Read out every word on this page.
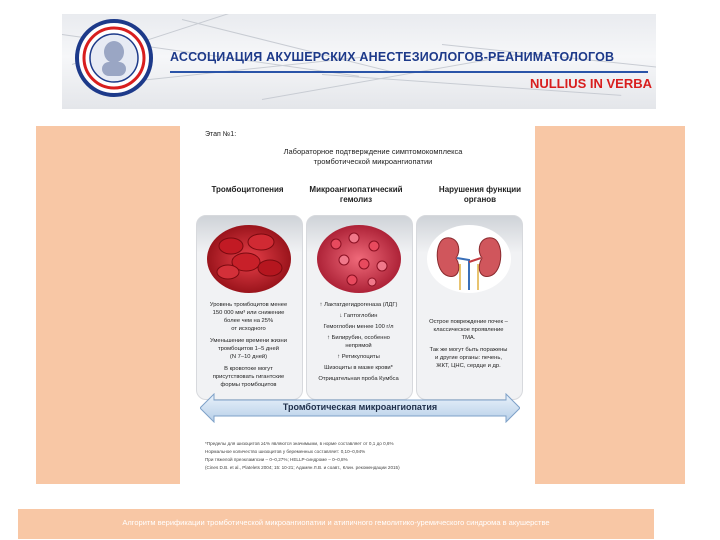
АССОЦИАЦИЯ АКУШЕРСКИХ АНЕСТЕЗИОЛОГОВ-РЕАНИМАТОЛОГОВ
NULLIUS IN VERBA
Этап №1:
Лабораторное подтверждение симптомокомплекса
тромботической микроангиопатии
Тромбоцитопения	Микроангиопатический гемолиз
Нарушения функции органов
Уровень тромбоцитов менее
150 000 мм³ или снижение
более чем на 25%
от исходного
Уменьшение времени жизни
тромбоцитов 1–5 дней
(N 7–10 дней)
В кровотоке могут
присутствовать гигантские
формы тромбоцитов
↑ Лактатдегидрогеназа (ЛДГ)
↓ Гаптоглобин
Гемоглобин менее 100 г/л
↑ Билирубин, особенно
непрямой
↑ Ретикулоциты
Шизоциты в мазке крови*
Отрицательная проба Кумбса
Острое повреждение почек –
классическое проявление
ТМА.
Так же могут быть поражены
и другие органы: печень,
ЖКТ, ЦНС, сердце и др.
Тромботическая микроангиопатия
*Пределы для шизоцитов ≥1% являются значимыми, в норме составляет от 0,1 до 0,6%
Нормальное количество шизоцитов у беременных составляет: 0,10–0,94%
При тяжелой преэклампсии – 0–0,27%; HELLP-синдроме – 0–0,8%
(Cines D.B. et al., Platelets 2004; 15: 10-21; Адамян Л.В. и соавт., Клин. рекомендации 2015)
Алгоритм верификации тромботической микроангиопатии и атипичного гемолитико-уремического синдрома в акушерстве
